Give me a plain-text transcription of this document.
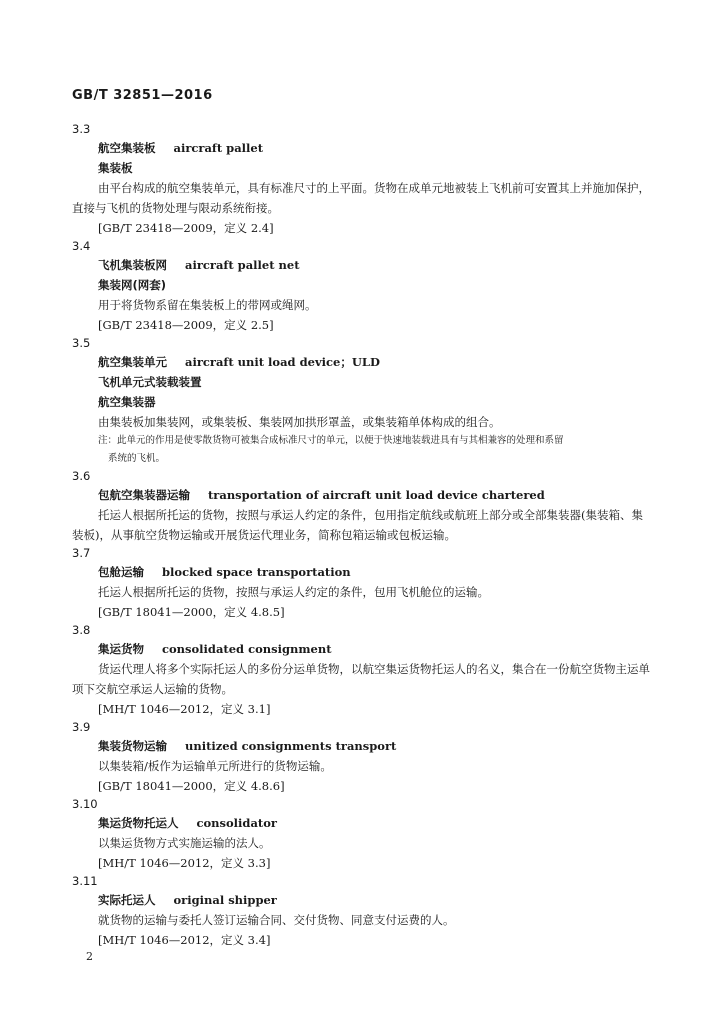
GB/T 32851—2016
3.3
航空集装板 aircraft pallet
集装板
由平台构成的航空集装单元，具有标准尺寸的上平面。货物在成单元地被装上飞机前可安置其上并施加保护，直接与飞机的货物处理与限动系统衔接。
[GB/T 23418—2009，定义 2.4]
3.4
飞机集装板网 aircraft pallet net
集装网(网套)
用于将货物系留在集装板上的带网或绳网。
[GB/T 23418—2009，定义 2.5]
3.5
航空集装单元 aircraft unit load device；ULD
飞机单元式装载装置
航空集装器
由集装板加集装网，或集装板、集装网加拱形罩盖，或集装箱单体构成的组合。
注：此单元的作用是使零散货物可被集合成标准尺寸的单元，以便于快速地装载进具有与其相兼容的处理和系留
系统的飞机。
3.6
包航空集装器运输 transportation of aircraft unit load device chartered
托运人根据所托运的货物，按照与承运人约定的条件，包用指定航线或航班上部分或全部集装器(集装箱、集装板)，从事航空货物运输或开展货运代理业务，简称包箱运输或包板运输。
3.7
包舱运输 blocked space transportation
托运人根据所托运的货物，按照与承运人约定的条件，包用飞机舱位的运输。
[GB/T 18041—2000，定义 4.8.5]
3.8
集运货物 consolidated consignment
货运代理人将多个实际托运人的多份分运单货物，以航空集运货物托运人的名义，集合在一份航空货物主运单项下交航空承运人运输的货物。
[MH/T 1046—2012，定义 3.1]
3.9
集装货物运输 unitized consignments transport
以集装箱/板作为运输单元所进行的货物运输。
[GB/T 18041—2000，定义 4.8.6]
3.10
集运货物托运人 consolidator
以集运货物方式实施运输的法人。
[MH/T 1046—2012，定义 3.3]
3.11
实际托运人 original shipper
就货物的运输与委托人签订运输合同、交付货物、同意支付运费的人。
[MH/T 1046—2012，定义 3.4]
2
